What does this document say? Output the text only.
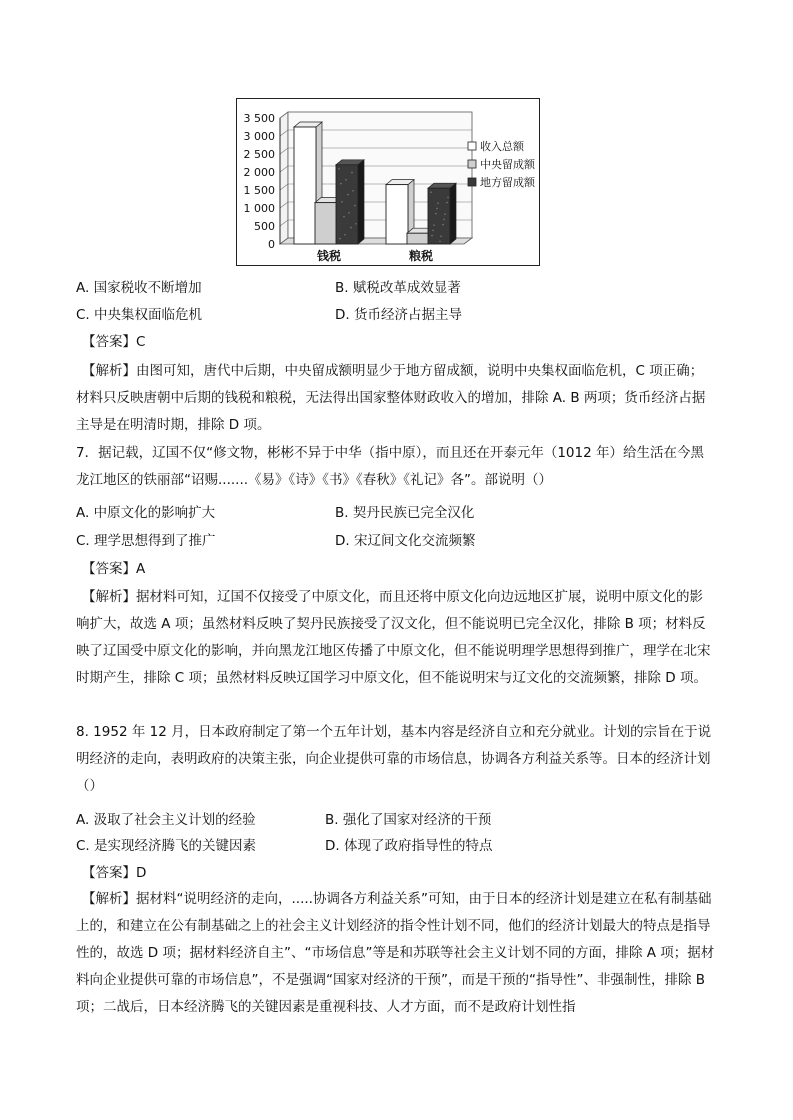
3 500
3 000
2 500
2 000
1 500
1 000
500
0
钱税	粮税
收入总额
中央留成额
地方留成额
A. 国家税收不断增加	B. 赋税改革成效显著
C. 中央集权面临危机	D. 货币经济占据主导
【答案】C
【解析】由图可知，唐代中后期，中央留成额明显少于地方留成额，说明中央集权面临危机，C 项正确；材料只反映唐朝中后期的钱税和粮税，无法得出国家整体财政收入的增加，排除 A. B 两项；货币经济占据主导是在明清时期，排除 D 项。
7．据记载，辽国不仅“修文物，彬彬不异于中华（指中原），而且还在开泰元年（1012 年）给生活在今黑龙江地区的铁丽部“诏赐.......《易》《诗》《书》《春秋》《礼记》各”。部说明（）
A. 中原文化的影响扩大	B. 契丹民族已完全汉化
C. 理学思想得到了推广	D. 宋辽间文化交流频繁
【答案】A
【解析】据材料可知，辽国不仅接受了中原文化，而且还将中原文化向边远地区扩展，说明中原文化的影响扩大，故选 A 项；虽然材料反映了契丹民族接受了汉文化，但不能说明已完全汉化，排除 B 项；材料反映了辽国受中原文化的影响，并向黑龙江地区传播了中原文化，但不能说明理学思想得到推广，理学在北宋时期产生，排除 C 项；虽然材料反映辽国学习中原文化，但不能说明宋与辽文化的交流频繁，排除 D 项。
8. 1952 年 12 月，日本政府制定了第一个五年计划，基本内容是经济自立和充分就业。计划的宗旨在于说明经济的走向，表明政府的决策主张，向企业提供可靠的市场信息，协调各方利益关系等。日本的经济计划（）
A. 汲取了社会主义计划的经验	B. 强化了国家对经济的干预
C. 是实现经济腾飞的关键因素	D. 体现了政府指导性的特点
【答案】D
【解析】据材料“说明经济的走向，.....协调各方利益关系”可知，由于日本的经济计划是建立在私有制基础上的，和建立在公有制基础之上的社会主义计划经济的指令性计划不同，他们的经济计划最大的特点是指导性的，故选 D 项；据材料经济自主”、“市场信息”等是和苏联等社会主义计划不同的方面，排除 A 项；据材料向企业提供可靠的市场信息”，不是强调“国家对经济的干预”，而是干预的“指导性”、非强制性，排除 B 项；二战后，日本经济腾飞的关键因素是重视科技、人才方面，而不是政府计划性指
